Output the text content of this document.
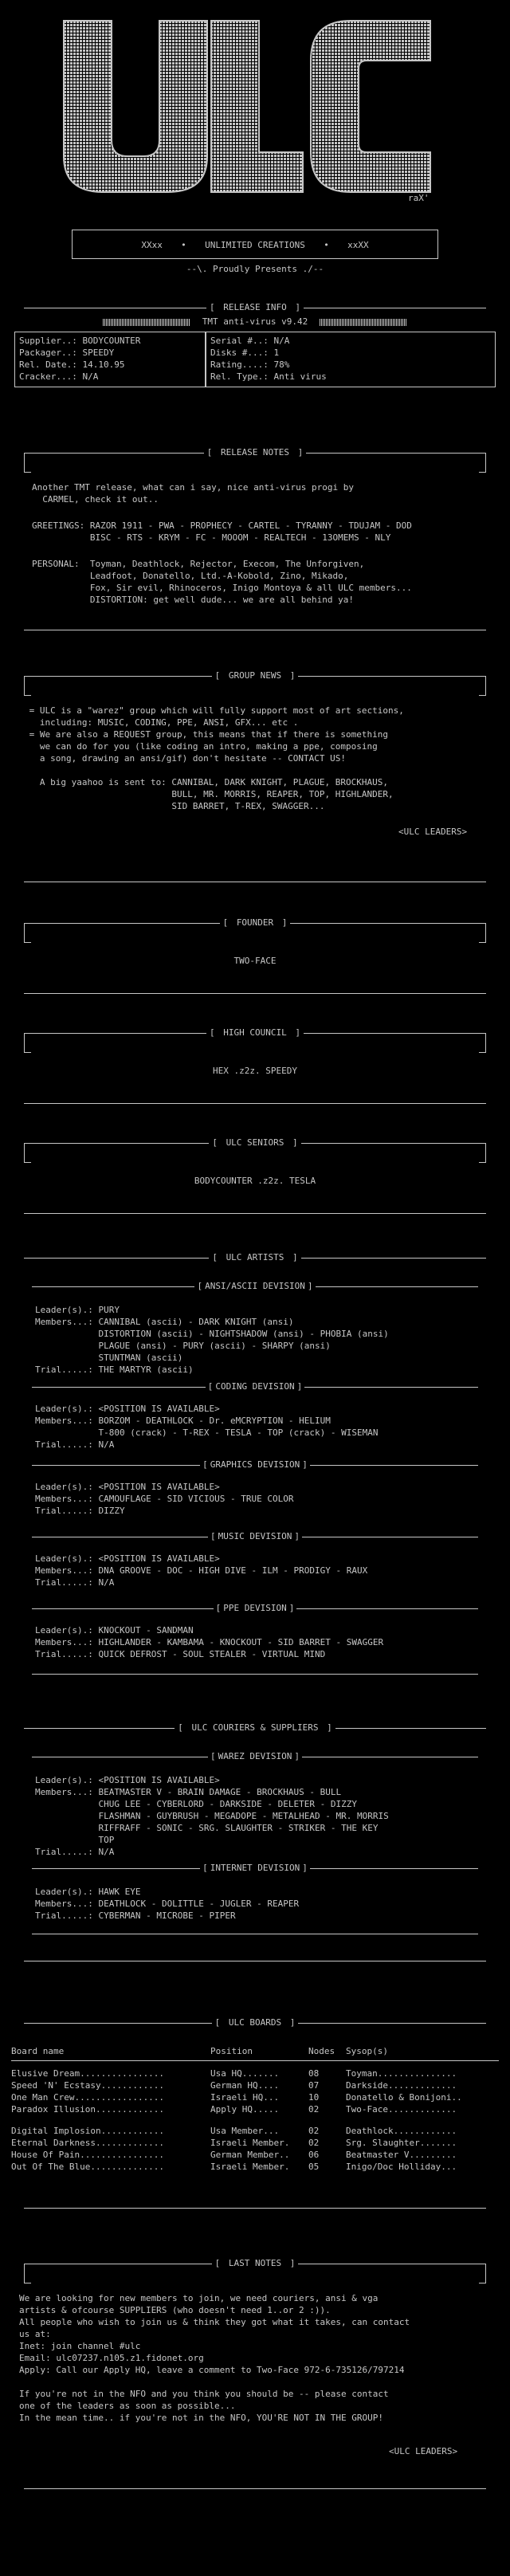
raX'
XXxx • UNLIMITED CREATIONS • xxXX
--\. Proudly Presents ./--
[ RELEASE INFO ]
TMT anti-virus v9.42
Supplier..: BODYCOUNTER
Packager..: SPEEDY
Rel. Date.: 14.10.95
Cracker...: N/A
Serial #..: N/A
Disks #...: 1
Rating....: 78%
Rel. Type.: Anti virus
[ RELEASE NOTES ]
Another TMT release, what can i say, nice anti-virus progi by
CARMEL, check it out..
GREETINGS: RAZOR 1911 - PWA - PROPHECY - CARTEL - TYRANNY - TDUJAM - DOD
BISC - RTS - KRYM - FC - MOOOM - REALTECH - 13OMEMS - NLY
PERSONAL:  Toyman, Deathlock, Rejector, Execom, The Unforgiven,
Leadfoot, Donatello, Ltd.-A-Kobold, Zino, Mikado,
Fox, Sir evil, Rhinoceros, Inigo Montoya & all ULC members...
DISTORTION: get well dude... we are all behind ya!
[ GROUP NEWS ]
= ULC is a "warez" group which will fully support most of art sections,
including: MUSIC, CODING, PPE, ANSI, GFX... etc .
= We are also a REQUEST group, this means that if there is something
we can do for you (like coding an intro, making a ppe, composing
a song, drawing an ansi/gif) don't hesitate -- CONTACT US!

A big yaahoo is sent to: CANNIBAL, DARK KNIGHT, PLAGUE, BROCKHAUS,
BULL, MR. MORRIS, REAPER, TOP, HIGHLANDER,
SID BARRET, T-REX, SWAGGER...
<ULC LEADERS>
[ FOUNDER ]
TWO-FACE
[ HIGH COUNCIL ]
HEX .z2z. SPEEDY
[ ULC SENIORS ]
BODYCOUNTER .z2z. TESLA
[ ULC ARTISTS ]
[ ANSI/ASCII DEVISION ]
Leader(s).: PURY
Members...: CANNIBAL (ascii) - DARK KNIGHT (ansi)
DISTORTION (ascii) - NIGHTSHADOW (ansi) - PHOBIA (ansi)
PLAGUE (ansi) - PURY (ascii) - SHARPY (ansi)
STUNTMAN (ascii)
Trial.....: THE MARTYR (ascii)
[ CODING DEVISION ]
Leader(s).: <POSITION IS AVAILABLE>
Members...: BORZOM - DEATHLOCK - Dr. eMCRYPTION - HELIUM
T-800 (crack) - T-REX - TESLA - TOP (crack) - WISEMAN
Trial.....: N/A
[ GRAPHICS DEVISION ]
Leader(s).: <POSITION IS AVAILABLE>
Members...: CAMOUFLAGE - SID VICIOUS - TRUE COLOR
Trial.....: DIZZY
[ MUSIC DEVISION ]
Leader(s).: <POSITION IS AVAILABLE>
Members...: DNA GROOVE - DOC - HIGH DIVE - ILM - PRODIGY - RAUX
Trial.....: N/A
[ PPE DEVISION ]
Leader(s).: KNOCKOUT - SANDMAN
Members...: HIGHLANDER - KAMBAMA - KNOCKOUT - SID BARRET - SWAGGER
Trial.....: QUICK DEFROST - SOUL STEALER - VIRTUAL MIND
[ ULC COURIERS & SUPPLIERS ]
[ WAREZ DEVISION ]
Leader(s).: <POSITION IS AVAILABLE>
Members...: BEATMASTER V - BRAIN DAMAGE - BROCKHAUS - BULL
CHUG LEE - CYBERLORD - DARKSIDE - DELETER - DIZZY
FLASHMAN - GUYBRUSH - MEGADOPE - METALHEAD - MR. MORRIS
RIFFRAFF - SONIC - SRG. SLAUGHTER - STRIKER - THE KEY
TOP
Trial.....: N/A
[ INTERNET DEVISION ]
Leader(s).: HAWK EYE
Members...: DEATHLOCK - DOLITTLE - JUGLER - REAPER
Trial.....: CYBERMAN - MICROBE - PIPER
[ ULC BOARDS ]
Board name	Position	Nodes Sysop(s)
Elusive Dream................	Usa HQ.......	08	Toyman...............
Speed 'N' Ecstasy............	German HQ....	07	Darkside.............
One Man Crew.................	Israeli HQ...	10	Donatello & Bonijoni..
Paradox Illusion.............	Apply HQ.....	02	Two-Face.............
Digital Implosion............	Usa Member...	02	Deathlock............
Eternal Darkness.............	Israeli Member. 02	Srg. Slaughter.......
House Of Pain................	German Member.. 06	Beatmaster V.........
Out Of The Blue..............	Israeli Member. 05	Inigo/Doc Holliday...
[ LAST NOTES ]
We are looking for new members to join, we need couriers, ansi & vga
artists & ofcourse SUPPLIERS (who doesn't need 1..or 2 :)).
All people who wish to join us & think they got what it takes, can contact
us at:
Inet: join channel #ulc
Email: ulc07237.n105.z1.fidonet.org
Apply: Call our Apply HQ, leave a comment to Two-Face 972-6-735126/797214

If you're not in the NFO and you think you should be -- please contact
one of the leaders as soon as possible...
In the mean time.. if you're not in the NFO, YOU'RE NOT IN THE GROUP!
<ULC LEADERS>
